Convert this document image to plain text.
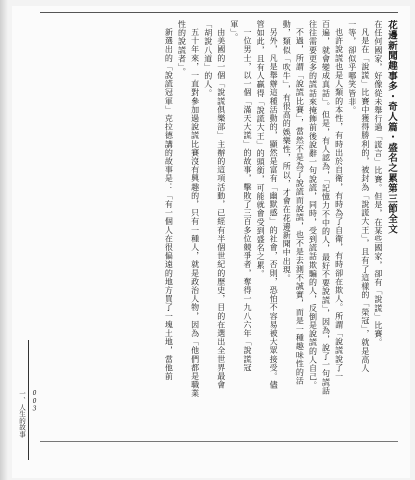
花邊新聞趣事多・奇人篇・盛名之累第三節全文

在任何國家，好像從未舉行過「謊言」比賽。但是，在某些國家，卻有「說謊」比賽。

凡是在「說謊」比賽中獲得勝利的，被封為「說謊大王」，且有了這樣的「榮冠」，就是高人

一等，卻似乎哪笑皆非。

也許說謊也是人類的本性，有時出於自衛，有時為了自衛，有時卻在欺人。所謂「說謊說了一

百遍，就會變成真話」。但是，有人認為，「記憶力不中的人，最好不要說謊」，因為，說了一句謊話

往往需要更多的謊話來掩飾前後說辭一句說謊，同時，受到謊話欺騙的人，反倒是說謊的人自己。

不過，所謂「說謊比賽」，當然不是為了說謊而說謊，也不是去測不誠實，而是一種趣味性的活

動，類似「吹牛」，有很高的娛樂性，所以，才會在花邊新聞中出現。

另外，凡是舉辦這種活動的，顯然是富有「幽默感」的社會，否則，恐怕不容易被大眾接受。儘

管如此，且有人贏得「說謊大王」的頭銜，可能就會受到盛名之累。

一位男士，以一個「滿天大謊」的故事，擊敗了三百多位競爭者，奪得一九八六年「說謊冠

軍」。

由美國的一個「說謊俱樂部」主辦的這項活動，已經有半個世紀的歷史，目的在選出全世界最會

「胡說八道」的人。

五十年來，一直對參加過說謊比賽沒有興趣的，只有一種人，就是政治人物，因為「他們都是職業

性的說謊者」。

新選出的「說謊冠軍」克拉德講的故事是：「有一個人在很偏遠的地方買了一塊土地，當他前

一、人生的故事 003
